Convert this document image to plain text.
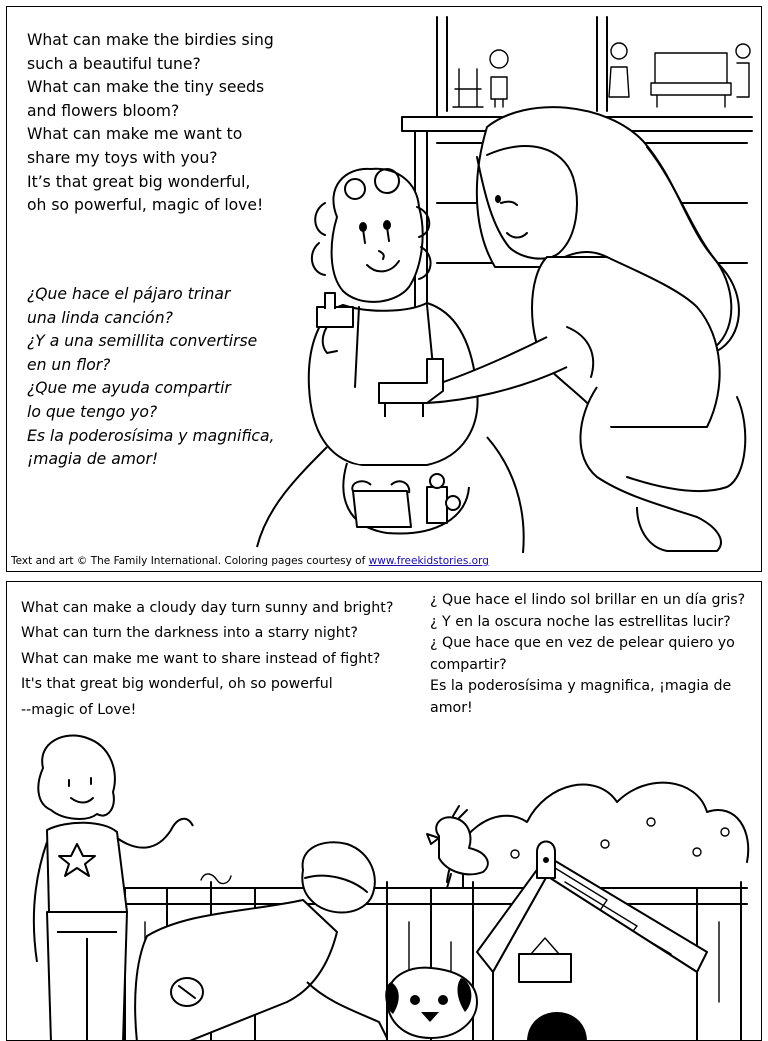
What can make the birdies sing
such a beautiful tune?
What can make the tiny seeds
and flowers bloom?
What can make me want to
share my toys with you?
It’s that great big wonderful,
oh so powerful, magic of love!
¿Que hace el pájaro trinar
una linda canción?
¿Y a una semillita convertirse
en un flor?
¿Que me ayuda compartir
lo que tengo yo?
Es la poderosísima y magnifica,
¡magia de amor!
Text and art © The Family International. Coloring pages courtesy of www.freekidstories.org
What can make a cloudy day turn sunny and bright?
What can turn the darkness into a starry night?
What can make me want to share instead of fight?
It's that great big wonderful, oh so powerful
--magic of Love!
¿ Que hace el lindo sol brillar en un día gris?
¿ Y en la oscura noche las estrellitas lucir?
¿ Que hace que en vez de pelear quiero yo
compartir?
Es la poderosísima y magnifica, ¡magia de
amor!
